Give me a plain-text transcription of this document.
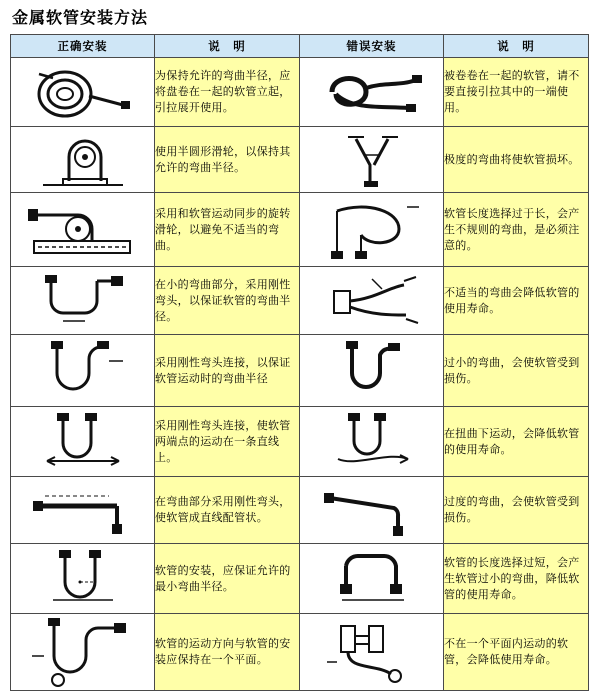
金属软管安装方法
正确安装	说　明	错误安装	说　明

	为保持允许的弯曲半径，应将盘卷在一起的软管立起，引拉展开使用。		被卷卷在一起的软管，请不要直接引拉其中的一端使用。

	使用半圆形滑轮，以保持其允许的弯曲半径。		极度的弯曲将使软管损坏。

	采用和软管运动同步的旋转滑轮，以避免不适当的弯曲。		软管长度选择过于长，会产生不规则的弯曲，是必须注意的。

	在小的弯曲部分，采用刚性弯头，以保证软管的弯曲半径。		不适当的弯曲会降低软管的使用寿命。

	采用刚性弯头连接，以保证软管运动时的弯曲半径		过小的弯曲，会使软管受到损伤。

	采用刚性弯头连接，使软管两端点的运动在一条直线上。		在扭曲下运动，会降低软管的使用寿命。

	在弯曲部分采用刚性弯头，使软管成直线配管状。		过度的弯曲，会使软管受到损伤。

	软管的安装，应保证允许的最小弯曲半径。		软管的长度选择过短，会产生软管过小的弯曲，降低软管的使用寿命。

	软管的运动方向与软管的安装应保持在一个平面。		不在一个平面内运动的软管，会降低使用寿命。
